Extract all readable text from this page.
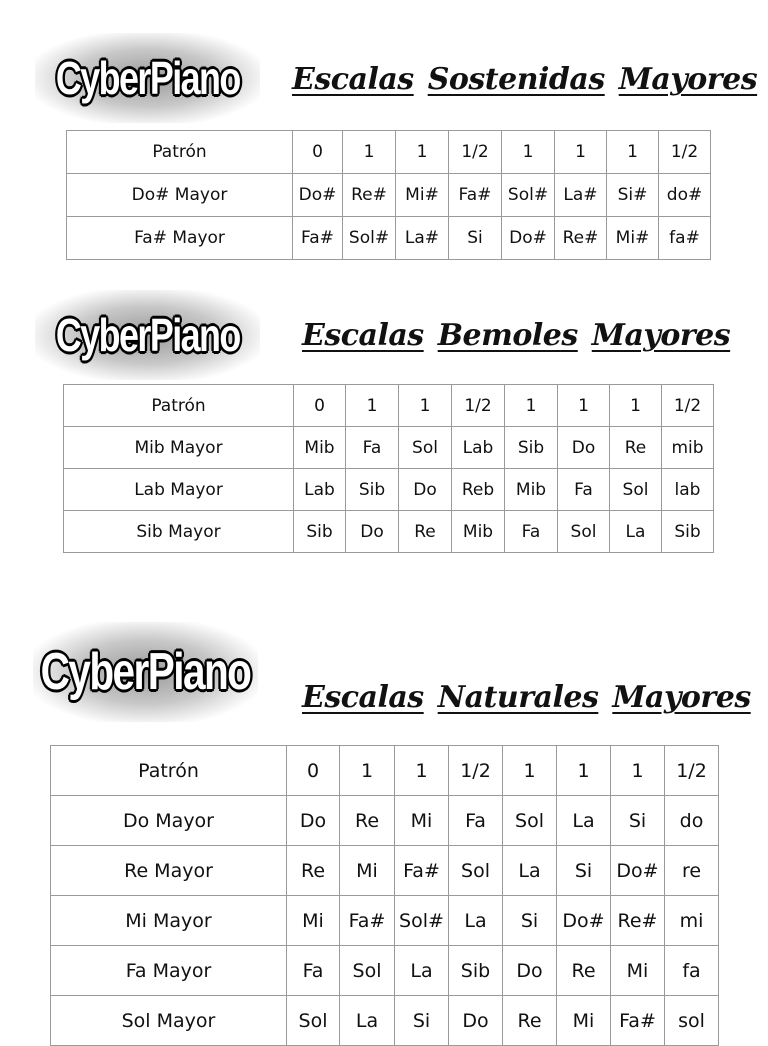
CyberPiano Escalas Sostenidas Mayores
Patrón	0	1	1	1/2	1	1	1	1/2
Do# Mayor	Do#	Re#	Mi#	Fa#	Sol#	La#	Si#	do#
Fa# Mayor	Fa#	Sol#	La#	Si	Do#	Re#	Mi#	fa#
CyberPiano Escalas Bemoles Mayores
Patrón	0	1	1	1/2	1	1	1	1/2
Mib Mayor	Mib	Fa	Sol	Lab	Sib	Do	Re	mib
Lab Mayor	Lab	Sib	Do	Reb	Mib	Fa	Sol	lab
Sib Mayor	Sib	Do	Re	Mib	Fa	Sol	La	Sib
CyberPiano Escalas Naturales Mayores
Patrón	0	1	1	1/2	1	1	1	1/2
Do Mayor	Do	Re	Mi	Fa	Sol	La	Si	do
Re Mayor	Re	Mi	Fa#	Sol	La	Si	Do#	re
Mi Mayor	Mi	Fa#	Sol#	La	Si	Do#	Re#	mi
Fa Mayor	Fa	Sol	La	Sib	Do	Re	Mi	fa
Sol Mayor	Sol	La	Si	Do	Re	Mi	Fa#	sol
